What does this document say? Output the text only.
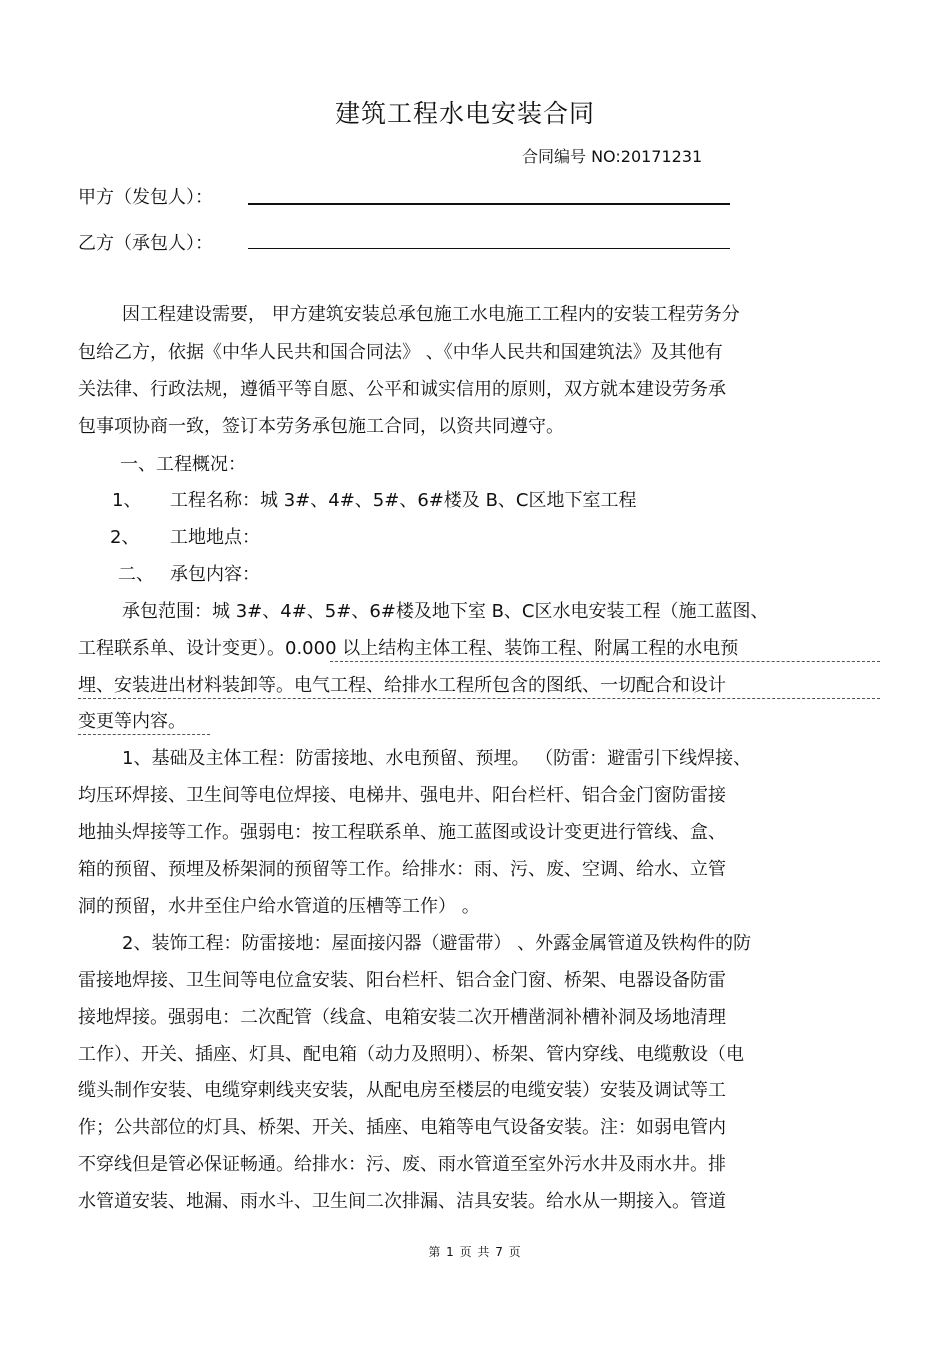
建筑工程水电安装合同
合同编号 NO:20171231
甲方（发包人）：
乙方（承包人）：
因工程建设需要， 甲方建筑安装总承包施工水电施工工程内的安装工程劳务分
包给乙方，依据《中华人民共和国合同法》 、《中华人民共和国建筑法》及其他有
关法律、行政法规，遵循平等自愿、公平和诚实信用的原则，双方就本建设劳务承
包事项协商一致，签订本劳务承包施工合同，以资共同遵守。
一、工程概况：
1、 工程名称：城 3#、4#、5#、6#楼及 B、C区地下室工程
2、 工地地点：
二、 承包内容：
承包范围：城 3#、4#、5#、6#楼及地下室 B、C区水电安装工程（施工蓝图、
工程联系单、设计变更）。0.000 以上结构主体工程、装饰工程、附属工程的水电预
埋、安装进出材料装卸等。电气工程、给排水工程所包含的图纸、一切配合和设计
变更等内容。
1、基础及主体工程：防雷接地、水电预留、预埋。 （防雷：避雷引下线焊接、
均压环焊接、卫生间等电位焊接、电梯井、强电井、阳台栏杆、铝合金门窗防雷接
地抽头焊接等工作。强弱电：按工程联系单、施工蓝图或设计变更进行管线、盒、
箱的预留、预埋及桥架洞的预留等工作。给排水：雨、污、废、空调、给水、立管
洞的预留，水井至住户给水管道的压槽等工作） 。
2、装饰工程：防雷接地：屋面接闪器（避雷带） 、外露金属管道及铁构件的防
雷接地焊接、卫生间等电位盒安装、阳台栏杆、铝合金门窗、桥架、电器设备防雷
接地焊接。强弱电：二次配管（线盒、电箱安装二次开槽凿洞补槽补洞及场地清理
工作）、开关、插座、灯具、配电箱（动力及照明）、桥架、管内穿线、电缆敷设（电
缆头制作安装、电缆穿剌线夹安装，从配电房至楼层的电缆安装）安装及调试等工
作；公共部位的灯具、桥架、开关、插座、电箱等电气设备安装。注：如弱电管内
不穿线但是管必保证畅通。给排水：污、废、雨水管道至室外污水井及雨水井。排
水管道安装、地漏、雨水斗、卫生间二次排漏、洁具安装。给水从一期接入。管道
第 1 页 共 7 页
